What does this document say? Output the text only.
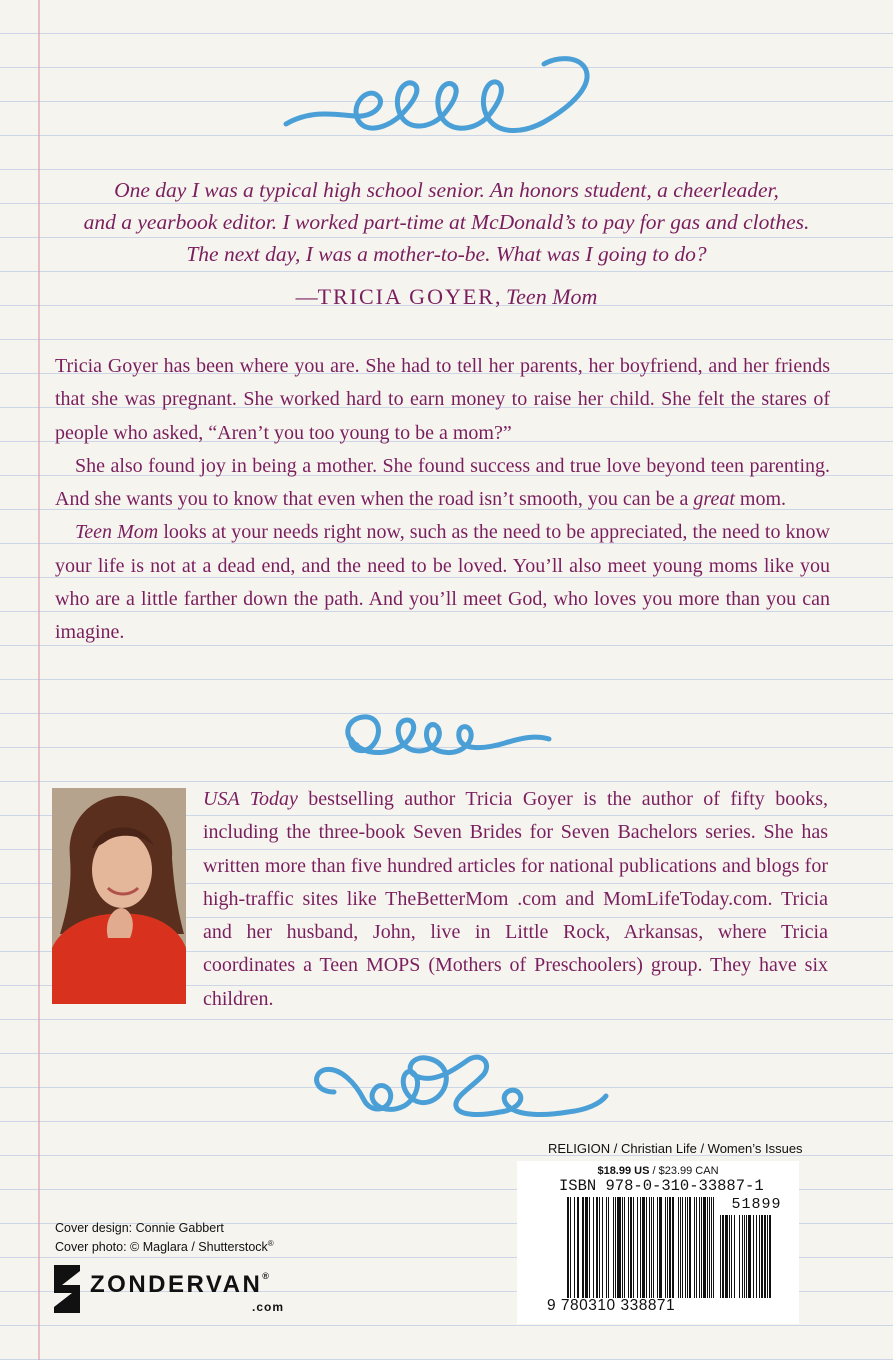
One day I was a typical high school senior. An honors student, a cheerleader,
and a yearbook editor. I worked part-time at McDonald’s to pay for gas and clothes.
The next day, I was a mother-to-be. What was I going to do?
—TRICIA GOYER, Teen Mom

Tricia Goyer has been where you are. She had to tell her parents, her boyfriend, and her friends that she was pregnant. She worked hard to earn money to raise her child. She felt the stares of people who asked, “Aren’t you too young to be a mom?”

She also found joy in being a mother. She found success and true love beyond teen parenting. And she wants you to know that even when the road isn’t smooth, you can be a great mom.

Teen Mom looks at your needs right now, such as the need to be appreciated, the need to know your life is not at a dead end, and the need to be loved. You’ll also meet young moms like you who are a little farther down the path. And you’ll meet God, who loves you more than you can imagine.

USA Today bestselling author Tricia Goyer is the author of fifty books, including the three-book Seven Brides for Seven Bachelors series. She has written more than five hundred articles for national publications and blogs for high-traffic sites like TheBetterMom .com and MomLifeToday.com. Tricia and her husband, John, live in Little Rock, Arkansas, where Tricia coordinates a Teen MOPS (Mothers of Preschoolers) group. They have six children.
RELIGION / Christian Life / Women’s Issues
$18.99 US / $23.99 CAN
ISBN 978-0-310-33887-1
51899
9 780310 338871
Cover design: Connie Gabbert
Cover photo: © Maglara / Shutterstock®
ZONDERVAN®
.com
